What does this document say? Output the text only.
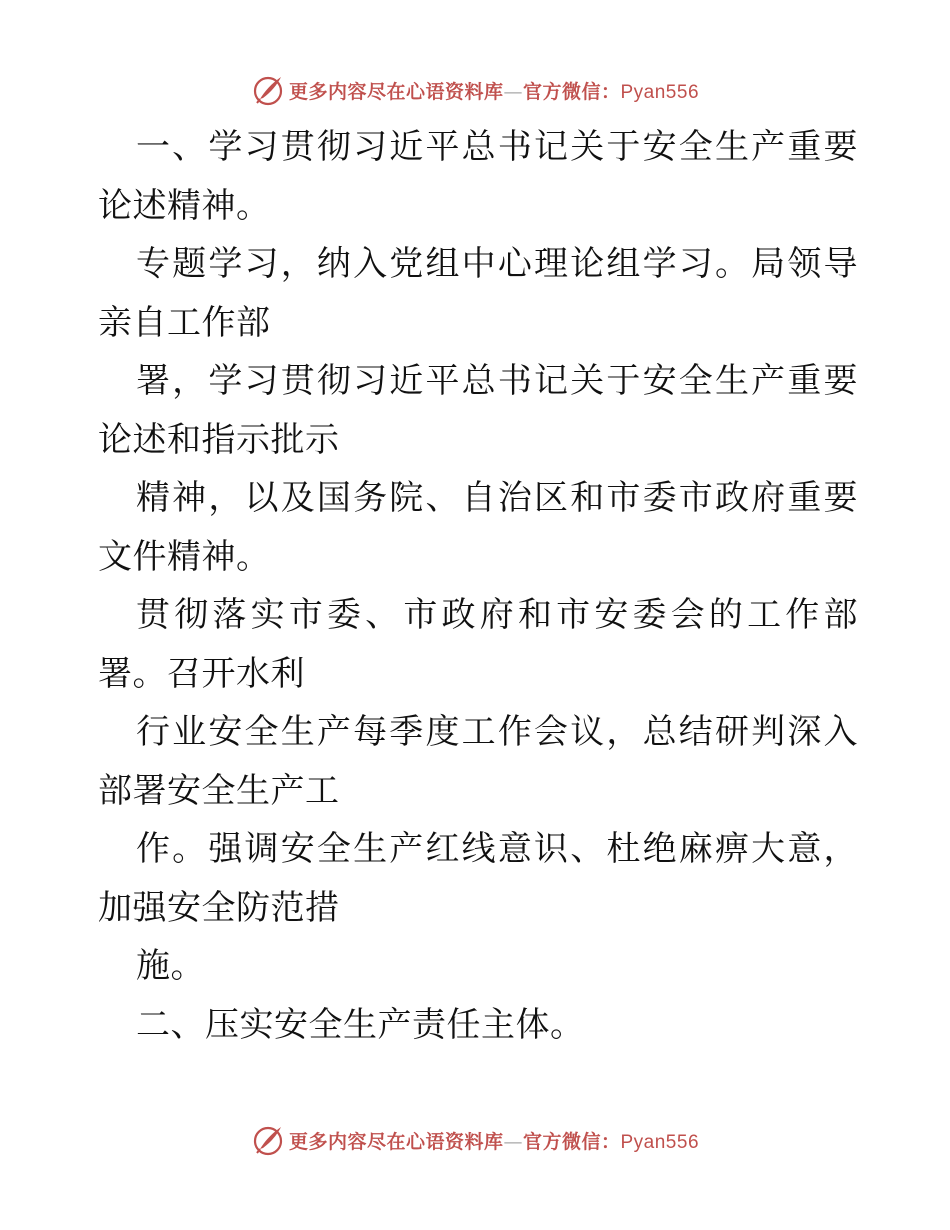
更多内容尽在心语资料库—官方微信：Pyan556

一、学习贯彻习近平总书记关于安全生产重要论述精神。

专题学习，纳入党组中心理论组学习。局领导亲自工作部

署，学习贯彻习近平总书记关于安全生产重要论述和指示批示

精神，以及国务院、自治区和市委市政府重要文件精神。

贯彻落实市委、市政府和市安委会的工作部署。召开水利

行业安全生产每季度工作会议，总结研判深入部署安全生产工

作。强调安全生产红线意识、杜绝麻痹大意，加强安全防范措

施。

二、压实安全生产责任主体。

更多内容尽在心语资料库—官方微信：Pyan556
